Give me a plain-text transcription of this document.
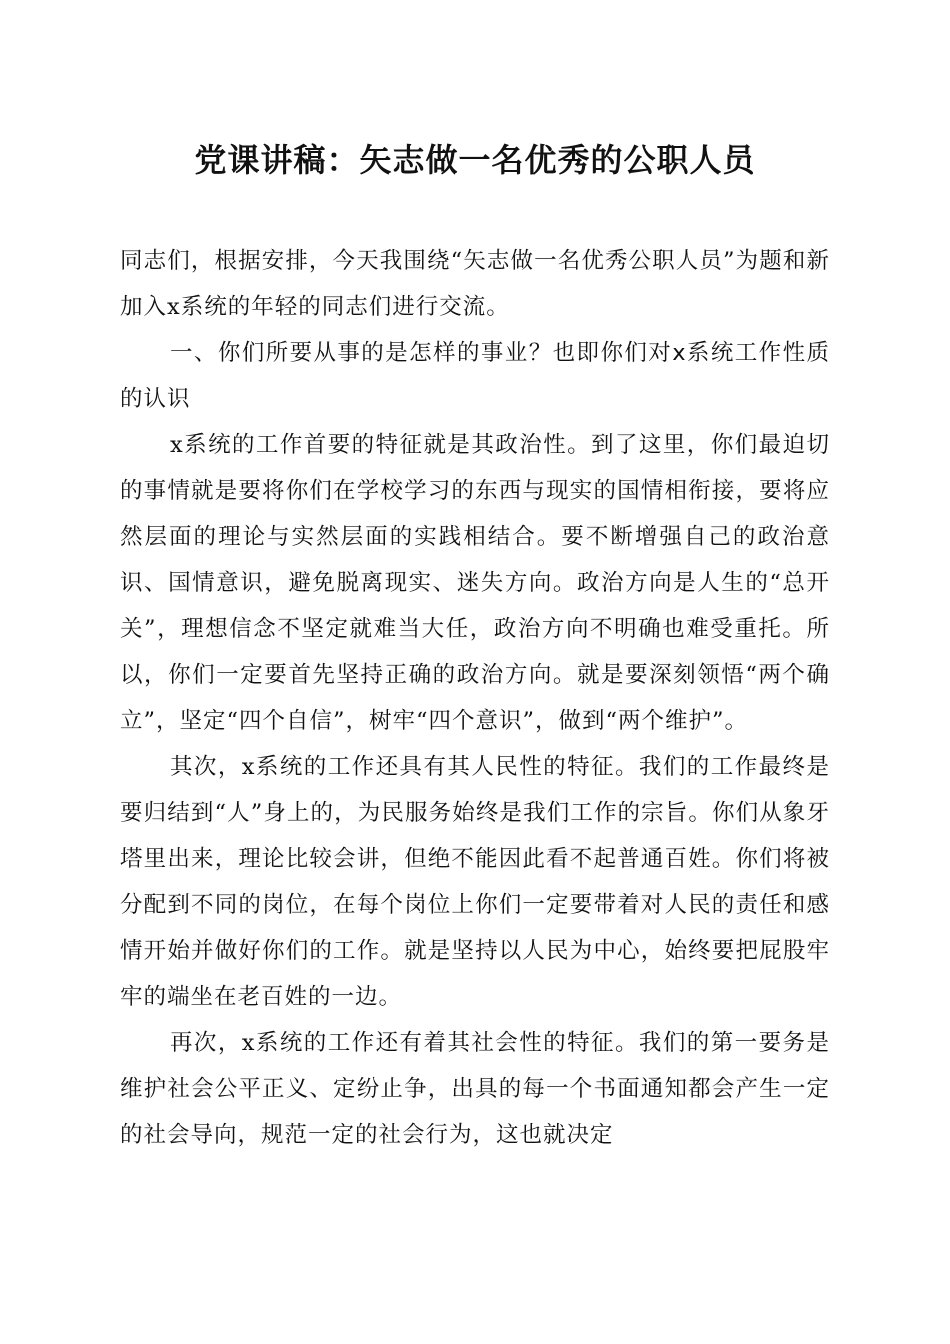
党课讲稿：矢志做一名优秀的公职人员

同志们，根据安排，今天我围绕“矢志做一名优秀公职人员”为题和新加入x系统的年轻的同志们进行交流。

一、你们所要从事的是怎样的事业？也即你们对x系统工作性质的认识

x系统的工作首要的特征就是其政治性。到了这里，你们最迫切的事情就是要将你们在学校学习的东西与现实的国情相衔接，要将应然层面的理论与实然层面的实践相结合。要不断增强自己的政治意识、国情意识，避免脱离现实、迷失方向。政治方向是人生的“总开关”，理想信念不坚定就难当大任，政治方向不明确也难受重托。所以，你们一定要首先坚持正确的政治方向。就是要深刻领悟“两个确立”，坚定“四个自信”，树牢“四个意识”，做到“两个维护”。

其次，x系统的工作还具有其人民性的特征。我们的工作最终是要归结到“人”身上的，为民服务始终是我们工作的宗旨。你们从象牙塔里出来，理论比较会讲，但绝不能因此看不起普通百姓。你们将被分配到不同的岗位，在每个岗位上你们一定要带着对人民的责任和感情开始并做好你们的工作。就是坚持以人民为中心，始终要把屁股牢牢的端坐在老百姓的一边。

再次，x系统的工作还有着其社会性的特征。我们的第一要务是维护社会公平正义、定纷止争，出具的每一个书面通知都会产生一定的社会导向，规范一定的社会行为，这也就决定
